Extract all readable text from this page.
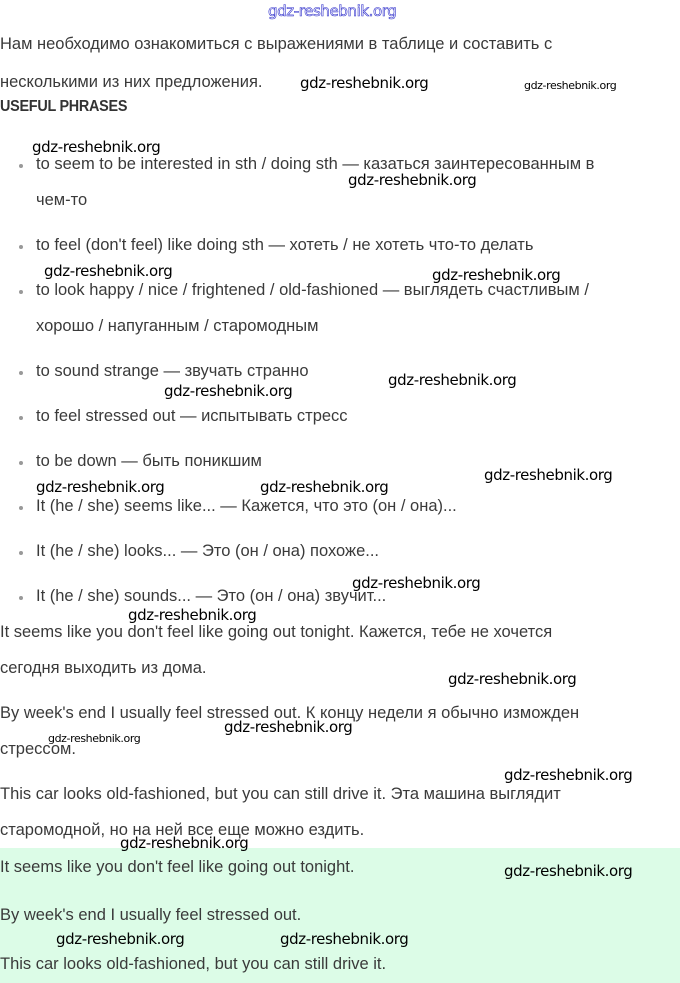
Нам необходимо ознакомиться с выражениями в таблице и составить с
несколькими из них предложения.
USEFUL PHRASES
to seem to be interested in sth / doing sth — казаться заинтересованным в
чем-то
to feel (don't feel) like doing sth — хотеть / не хотеть что-то делать
to look happy / nice / frightened / old-fashioned — выглядеть счастливым /
хорошо / напуганным / старомодным
to sound strange — звучать странно
to feel stressed out — испытывать стресс
to be down — быть поникшим
It (he / she) seems like... — Кажется, что это (он / она)...
It (he / she) looks... — Это (он / она) похоже...
It (he / she) sounds... — Это (он / она) звучит...
It seems like you don't feel like going out tonight. Кажется, тебе не хочется
сегодня выходить из дома.
By week's end I usually feel stressed out. К концу недели я обычно изможден
стрессом.
This car looks old-fashioned, but you can still drive it. Эта машина выглядит
старомодной, но на ней все еще можно ездить.
It seems like you don't feel like going out tonight.
By week's end I usually feel stressed out.
This car looks old-fashioned, but you can still drive it.
gdz-reshebnik.org
gdz-reshebnik.org	gdz-reshebnik.org
gdz-reshebnik.org
gdz-reshebnik.org
gdz-reshebnik.org	gdz-reshebnik.org
gdz-reshebnik.org
gdz-reshebnik.org
gdz-reshebnik.org
gdz-reshebnik.org	gdz-reshebnik.org
gdz-reshebnik.org
gdz-reshebnik.org
gdz-reshebnik.org
gdz-reshebnik.org
gdz-reshebnik.org
gdz-reshebnik.org
gdz-reshebnik.org
gdz-reshebnik.org
gdz-reshebnik.org	gdz-reshebnik.org
